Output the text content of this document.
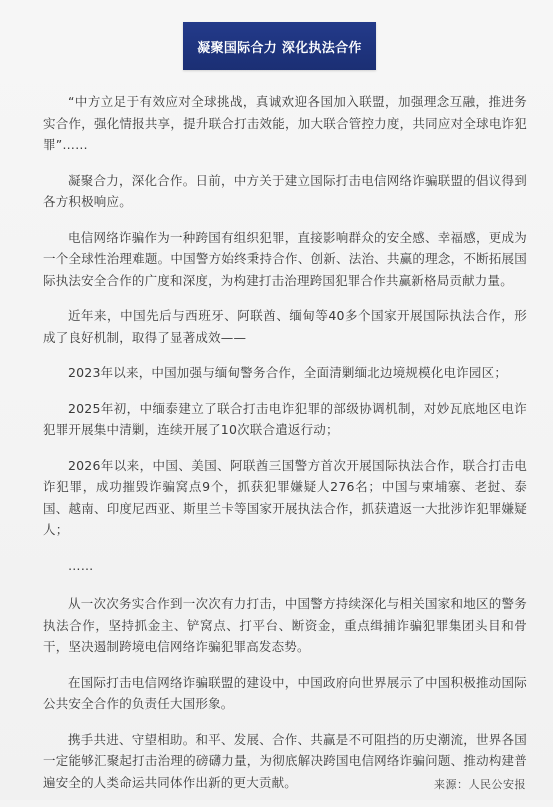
凝聚国际合力 深化执法合作

“中方立足于有效应对全球挑战，真诚欢迎各国加入联盟，加强理念互融，推进务实合作，强化情报共享，提升联合打击效能，加大联合管控力度，共同应对全球电诈犯罪”……

凝聚合力，深化合作。日前，中方关于建立国际打击电信网络诈骗联盟的倡议得到各方积极响应。

电信网络诈骗作为一种跨国有组织犯罪，直接影响群众的安全感、幸福感，更成为一个全球性治理难题。中国警方始终秉持合作、创新、法治、共赢的理念，不断拓展国际执法安全合作的广度和深度，为构建打击治理跨国犯罪合作共赢新格局贡献力量。

近年来，中国先后与西班牙、阿联酋、缅甸等40多个国家开展国际执法合作，形成了良好机制，取得了显著成效——

2023年以来，中国加强与缅甸警务合作，全面清剿缅北边境规模化电诈园区；

2025年初，中缅泰建立了联合打击电诈犯罪的部级协调机制，对妙瓦底地区电诈犯罪开展集中清剿，连续开展了10次联合遣返行动；

2026年以来，中国、美国、阿联酋三国警方首次开展国际执法合作，联合打击电诈犯罪，成功摧毁诈骗窝点9个，抓获犯罪嫌疑人276名；中国与柬埔寨、老挝、泰国、越南、印度尼西亚、斯里兰卡等国家开展执法合作，抓获遣返一大批涉诈犯罪嫌疑人；

……

从一次次务实合作到一次次有力打击，中国警方持续深化与相关国家和地区的警务执法合作，坚持抓金主、铲窝点、打平台、断资金，重点缉捕诈骗犯罪集团头目和骨干，坚决遏制跨境电信网络诈骗犯罪高发态势。

在国际打击电信网络诈骗联盟的建设中，中国政府向世界展示了中国积极推动国际公共安全合作的负责任大国形象。

携手共进、守望相助。和平、发展、合作、共赢是不可阻挡的历史潮流，世界各国一定能够汇聚起打击治理的磅礴力量，为彻底解决跨国电信网络诈骗问题、推动构建普遍安全的人类命运共同体作出新的更大贡献。	来源：人民公安报
